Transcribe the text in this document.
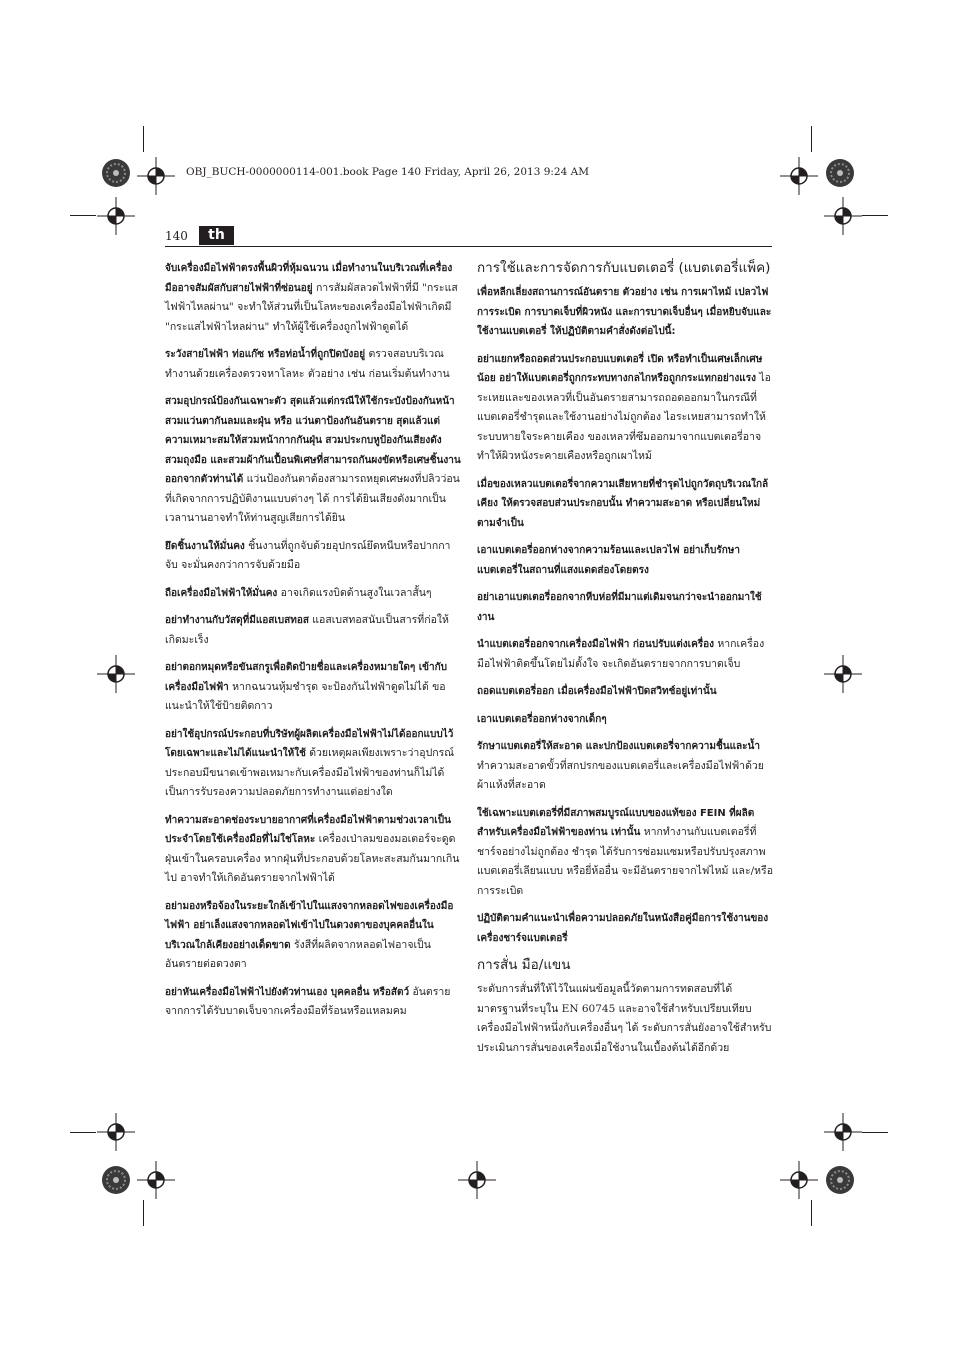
OBJ_BUCH-0000000114-001.book Page 140 Friday, April 26, 2013 9:24 AM
140	th

จับเครื่องมือไฟฟ้าตรงพื้นผิวที่หุ้มฉนวน เมื่อทำงานในบริเวณที่เครื่องมืออาจสัมผัสกับสายไฟฟ้าที่ซ่อนอยู่ การสัมผัสลวดไฟฟ้าที่มี "กระแสไฟฟ้าไหลผ่าน" จะทำให้ส่วนที่เป็นโลหะของเครื่องมือไฟฟ้าเกิดมี "กระแสไฟฟ้าไหลผ่าน" ทำให้ผู้ใช้เครื่องถูกไฟฟ้าดูดได้

ระวังสายไฟฟ้า ท่อแก๊ซ หรือท่อน้ำที่ถูกปิดบังอยู่ ตรวจสอบบริเวณทำงานด้วยเครื่องตรวจหาโลหะ ตัวอย่าง เช่น ก่อนเริ่มต้นทำงาน

สวมอุปกรณ์ป้องกันเฉพาะตัว สุดแล้วแต่กรณีให้ใช้กระบังป้องกันหน้า สวมแว่นตากันลมและฝุ่น หรือ แว่นตาป้องกันอันตราย สุดแล้วแต่ความเหมาะสมให้สวมหน้ากากกันฝุ่น สวมประกบหูป้องกันเสียงดัง สวมถุงมือ และสวมผ้ากันเปื้อนพิเศษที่สามารถกันผงขัดหรือเศษชิ้นงานออกจากตัวท่านได้ แว่นป้องกันตาต้องสามารถหยุดเศษผงที่ปลิวว่อนที่เกิดจากการปฏิบัติงานแบบต่างๆ ได้ การได้ยินเสียงดังมากเป็นเวลานานอาจทำให้ท่านสูญเสียการได้ยิน

ยึดชิ้นงานให้มั่นคง ชิ้นงานที่ถูกจับด้วยอุปกรณ์ยึดหนีบหรือปากกาจับ จะมั่นคงกว่าการจับด้วยมือ

ถือเครื่องมือไฟฟ้าให้มั่นคง อาจเกิดแรงบิดด้านสูงในเวลาสั้นๆ

อย่าทำงานกับวัสดุที่มีแอสเบสทอส แอสเบสทอสนับเป็นสารที่ก่อให้เกิดมะเร็ง

อย่าตอกหมุดหรือขันสกรูเพื่อติดป้ายชื่อและเครื่องหมายใดๆ เข้ากับเครื่องมือไฟฟ้า หากฉนวนหุ้มชำรุด จะป้องกันไฟฟ้าดูดไม่ได้ ขอแนะนำให้ใช้ป้ายติดกาว

อย่าใช้อุปกรณ์ประกอบที่บริษัทผู้ผลิตเครื่องมือไฟฟ้าไม่ได้ออกแบบไว้โดยเฉพาะและไม่ได้แนะนำให้ใช้ ด้วยเหตุผลเพียงเพราะว่าอุปกรณ์ประกอบมีขนาดเข้าพอเหมาะกับเครื่องมือไฟฟ้าของท่านก็ไม่ได้เป็นการรับรองความปลอดภัยการทำงานแต่อย่างใด

ทำความสะอาดช่องระบายอากาศที่เครื่องมือไฟฟ้าตามช่วงเวลาเป็นประจำโดยใช้เครื่องมือที่ไม่ใช่โลหะ เครื่องเป่าลมของมอเตอร์จะดูดฝุ่นเข้าในครอบเครื่อง หากฝุ่นที่ประกอบด้วยโลหะสะสมกันมากเกินไป อาจทำให้เกิดอันตรายจากไฟฟ้าได้

อย่ามองหรือจ้องในระยะใกล้เข้าไปในแสงจากหลอดไฟของเครื่องมือไฟฟ้า อย่าเล็งแสงจากหลอดไฟเข้าไปในดวงตาของบุคคลอื่นในบริเวณใกล้เคียงอย่างเด็ดขาด รังสีที่ผลิตจากหลอดไฟอาจเป็นอันตรายต่อดวงตา

อย่าหันเครื่องมือไฟฟ้าไปยังตัวท่านเอง บุคคลอื่น หรือสัตว์ อันตรายจากการได้รับบาดเจ็บจากเครื่องมือที่ร้อนหรือแหลมคม

การใช้และการจัดการกับแบตเตอรี่ (แบตเตอรี่แพ็ค)

เพื่อหลีกเลี่ยงสถานการณ์อันตราย ตัวอย่าง เช่น การเผาไหม้ เปลวไฟ การระเบิด การบาดเจ็บที่ผิวหนัง และการบาดเจ็บอื่นๆ เมื่อหยิบจับและใช้งานแบตเตอรี่ ให้ปฏิบัติตามคำสั่งดังต่อไปนี้:

อย่าแยกหรือถอดส่วนประกอบแบตเตอรี่ เปิด หรือทำเป็นเศษเล็กเศษน้อย อย่าให้แบตเตอรี่ถูกกระทบทางกลไกหรือถูกกระแทกอย่างแรง ไอระเหยและของเหลวที่เป็นอันตรายสามารถถอดออกมาในกรณีที่แบตเตอรี่ชำรุดและใช้งานอย่างไม่ถูกต้อง ไอระเหยสามารถทำให้ระบบหายใจระคายเคือง ของเหลวที่ซึมออกมาจากแบตเตอรี่อาจทำให้ผิวหนังระคายเคืองหรือถูกเผาไหม้

เมื่อของเหลวแบตเตอรี่จากความเสียหายที่ชำรุดไปถูกวัตถุบริเวณใกล้เคียง ให้ตรวจสอบส่วนประกอบนั้น ทำความสะอาด หรือเปลี่ยนใหม่ ตามจำเป็น

เอาแบตเตอรี่ออกห่างจากความร้อนและเปลวไฟ อย่าเก็บรักษาแบตเตอรี่ในสถานที่แสงแดดส่องโดยตรง

อย่าเอาแบตเตอรี่ออกจากหีบห่อที่มีมาแต่เดิมจนกว่าจะนำออกมาใช้งาน

นำแบตเตอรี่ออกจากเครื่องมือไฟฟ้า ก่อนปรับแต่งเครื่อง หากเครื่องมือไฟฟ้าติดขึ้นโดยไม่ตั้งใจ จะเกิดอันตรายจากการบาดเจ็บ

ถอดแบตเตอรี่ออก เมื่อเครื่องมือไฟฟ้าปิดสวิทช์อยู่เท่านั้น

เอาแบตเตอรี่ออกห่างจากเด็กๆ

รักษาแบตเตอรี่ให้สะอาด และปกป้องแบตเตอรี่จากความชื้นและน้ำ ทำความสะอาดขั้วที่สกปรกของแบตเตอรี่และเครื่องมือไฟฟ้าด้วยผ้าแห้งที่สะอาด

ใช้เฉพาะแบตเตอรี่ที่มีสภาพสมบูรณ์แบบของแท้ของ FEIN ที่ผลิตสำหรับเครื่องมือไฟฟ้าของท่าน เท่านั้น หากทำงานกับแบตเตอรี่ที่ชาร์จอย่างไม่ถูกต้อง ชำรุด ได้รับการซ่อมแซมหรือปรับปรุงสภาพ แบตเตอรี่เลียนแบบ หรือยี่ห้ออื่น จะมีอันตรายจากไฟไหม้ และ/หรือ การระเบิด

ปฏิบัติตามคำแนะนำเพื่อความปลอดภัยในหนังสือคู่มือการใช้งานของเครื่องชาร์จแบตเตอรี่

การสั่น มือ/แขน

ระดับการสั่นที่ให้ไว้ในแผ่นข้อมูลนี้วัดตามการทดสอบที่ได้มาตรฐานที่ระบุใน EN 60745 และอาจใช้สำหรับเปรียบเทียบเครื่องมือไฟฟ้าหนึ่งกับเครื่องอื่นๆ ได้ ระดับการสั่นยังอาจใช้สำหรับประเมินการสั่นของเครื่องเมื่อใช้งานในเบื้องต้นได้อีกด้วย
